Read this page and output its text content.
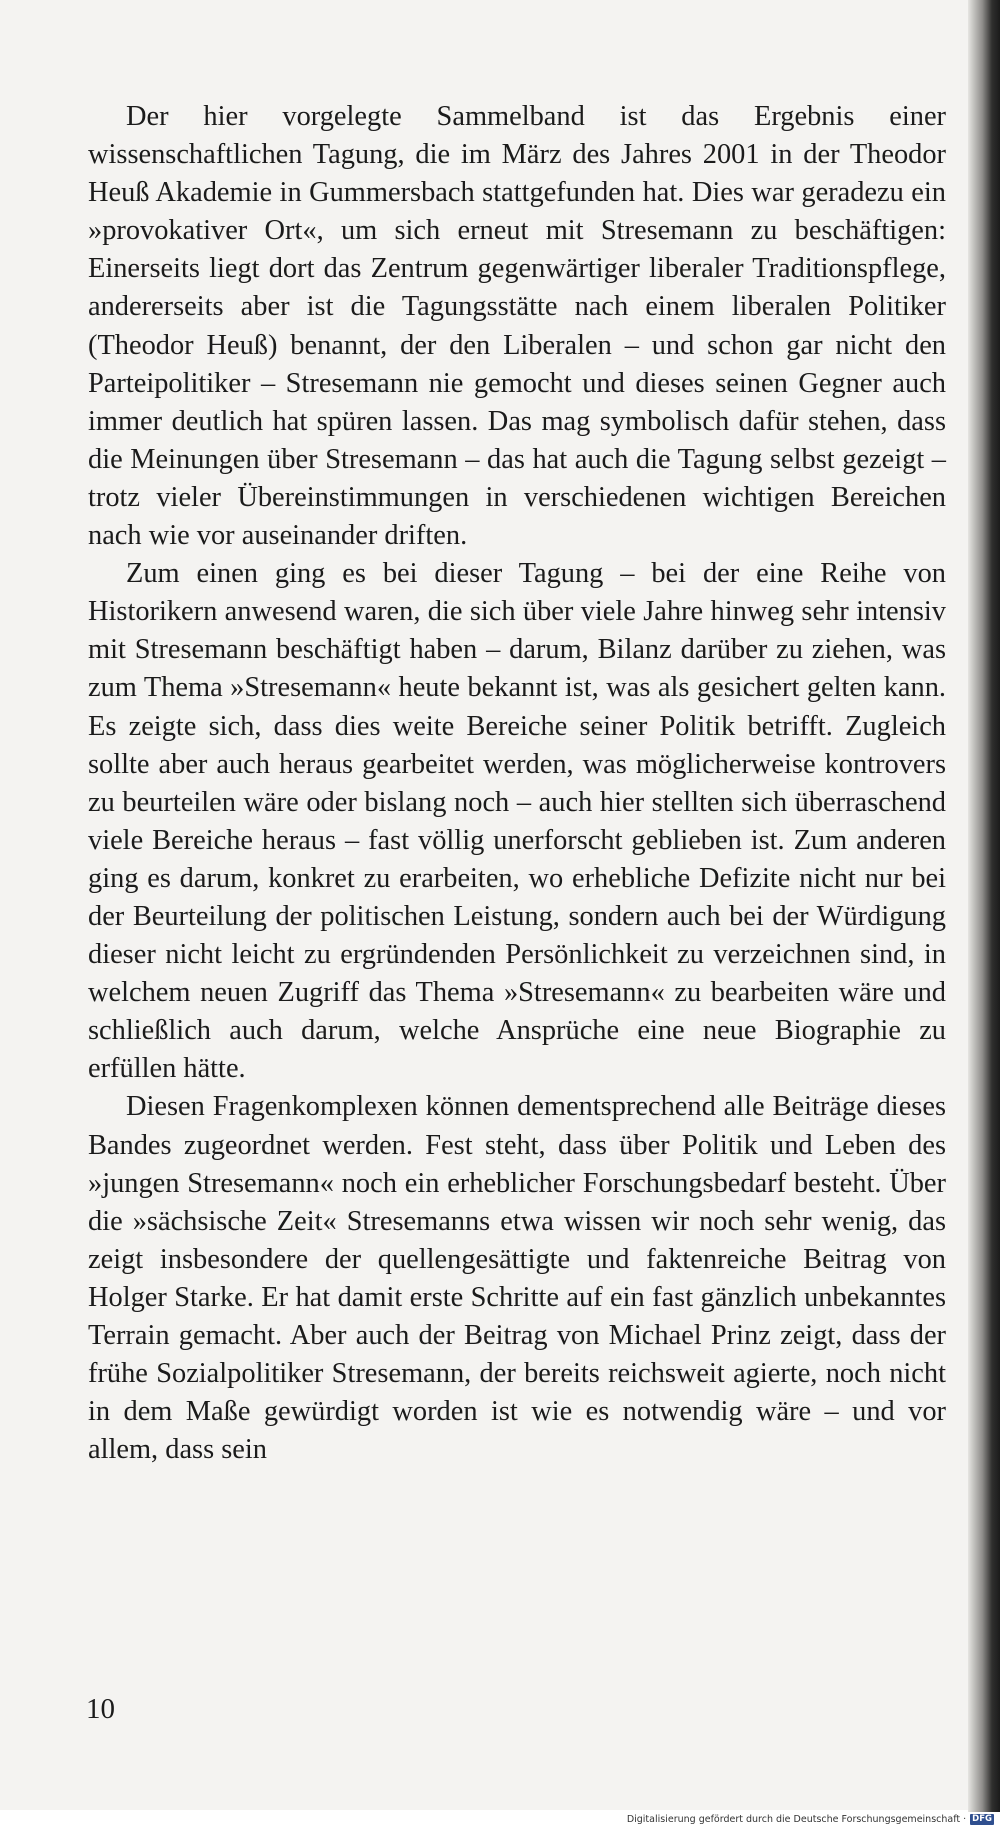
Der hier vorgelegte Sammelband ist das Ergebnis einer wissenschaftlichen Tagung, die im März des Jahres 2001 in der Theodor Heuß Akademie in Gummersbach stattgefunden hat. Dies war geradezu ein »provokativer Ort«, um sich erneut mit Stresemann zu beschäftigen: Einerseits liegt dort das Zentrum gegenwärtiger liberaler Traditionspflege, andererseits aber ist die Tagungsstätte nach einem liberalen Politiker (Theodor Heuß) benannt, der den Liberalen – und schon gar nicht den Parteipolitiker – Stresemann nie gemocht und dieses seinen Gegner auch immer deutlich hat spüren lassen. Das mag symbolisch dafür stehen, dass die Meinungen über Stresemann – das hat auch die Tagung selbst gezeigt – trotz vieler Übereinstimmungen in verschiedenen wichtigen Bereichen nach wie vor auseinander driften.

Zum einen ging es bei dieser Tagung – bei der eine Reihe von Historikern anwesend waren, die sich über viele Jahre hinweg sehr intensiv mit Stresemann beschäftigt haben – darum, Bilanz darüber zu ziehen, was zum Thema »Stresemann« heute bekannt ist, was als gesichert gelten kann. Es zeigte sich, dass dies weite Bereiche seiner Politik betrifft. Zugleich sollte aber auch heraus gearbeitet werden, was möglicherweise kontrovers zu beurteilen wäre oder bislang noch – auch hier stellten sich überraschend viele Bereiche heraus – fast völlig unerforscht geblieben ist. Zum anderen ging es darum, konkret zu erarbeiten, wo erhebliche Defizite nicht nur bei der Beurteilung der politischen Leistung, sondern auch bei der Würdigung dieser nicht leicht zu ergründenden Persönlichkeit zu verzeichnen sind, in welchem neuen Zugriff das Thema »Stresemann« zu bearbeiten wäre und schließlich auch darum, welche Ansprüche eine neue Biographie zu erfüllen hätte.

Diesen Fragenkomplexen können dementsprechend alle Beiträge dieses Bandes zugeordnet werden. Fest steht, dass über Politik und Leben des »jungen Stresemann« noch ein erheblicher Forschungsbedarf besteht. Über die »sächsische Zeit« Stresemanns etwa wissen wir noch sehr wenig, das zeigt insbesondere der quellengesättigte und faktenreiche Beitrag von Holger Starke. Er hat damit erste Schritte auf ein fast gänzlich unbekanntes Terrain gemacht. Aber auch der Beitrag von Michael Prinz zeigt, dass der frühe Sozialpolitiker Stresemann, der bereits reichsweit agierte, noch nicht in dem Maße gewürdigt worden ist wie es notwendig wäre – und vor allem, dass sein

10
Digitalisierung gefördert durch die Deutsche Forschungsgemeinschaft · DFG
